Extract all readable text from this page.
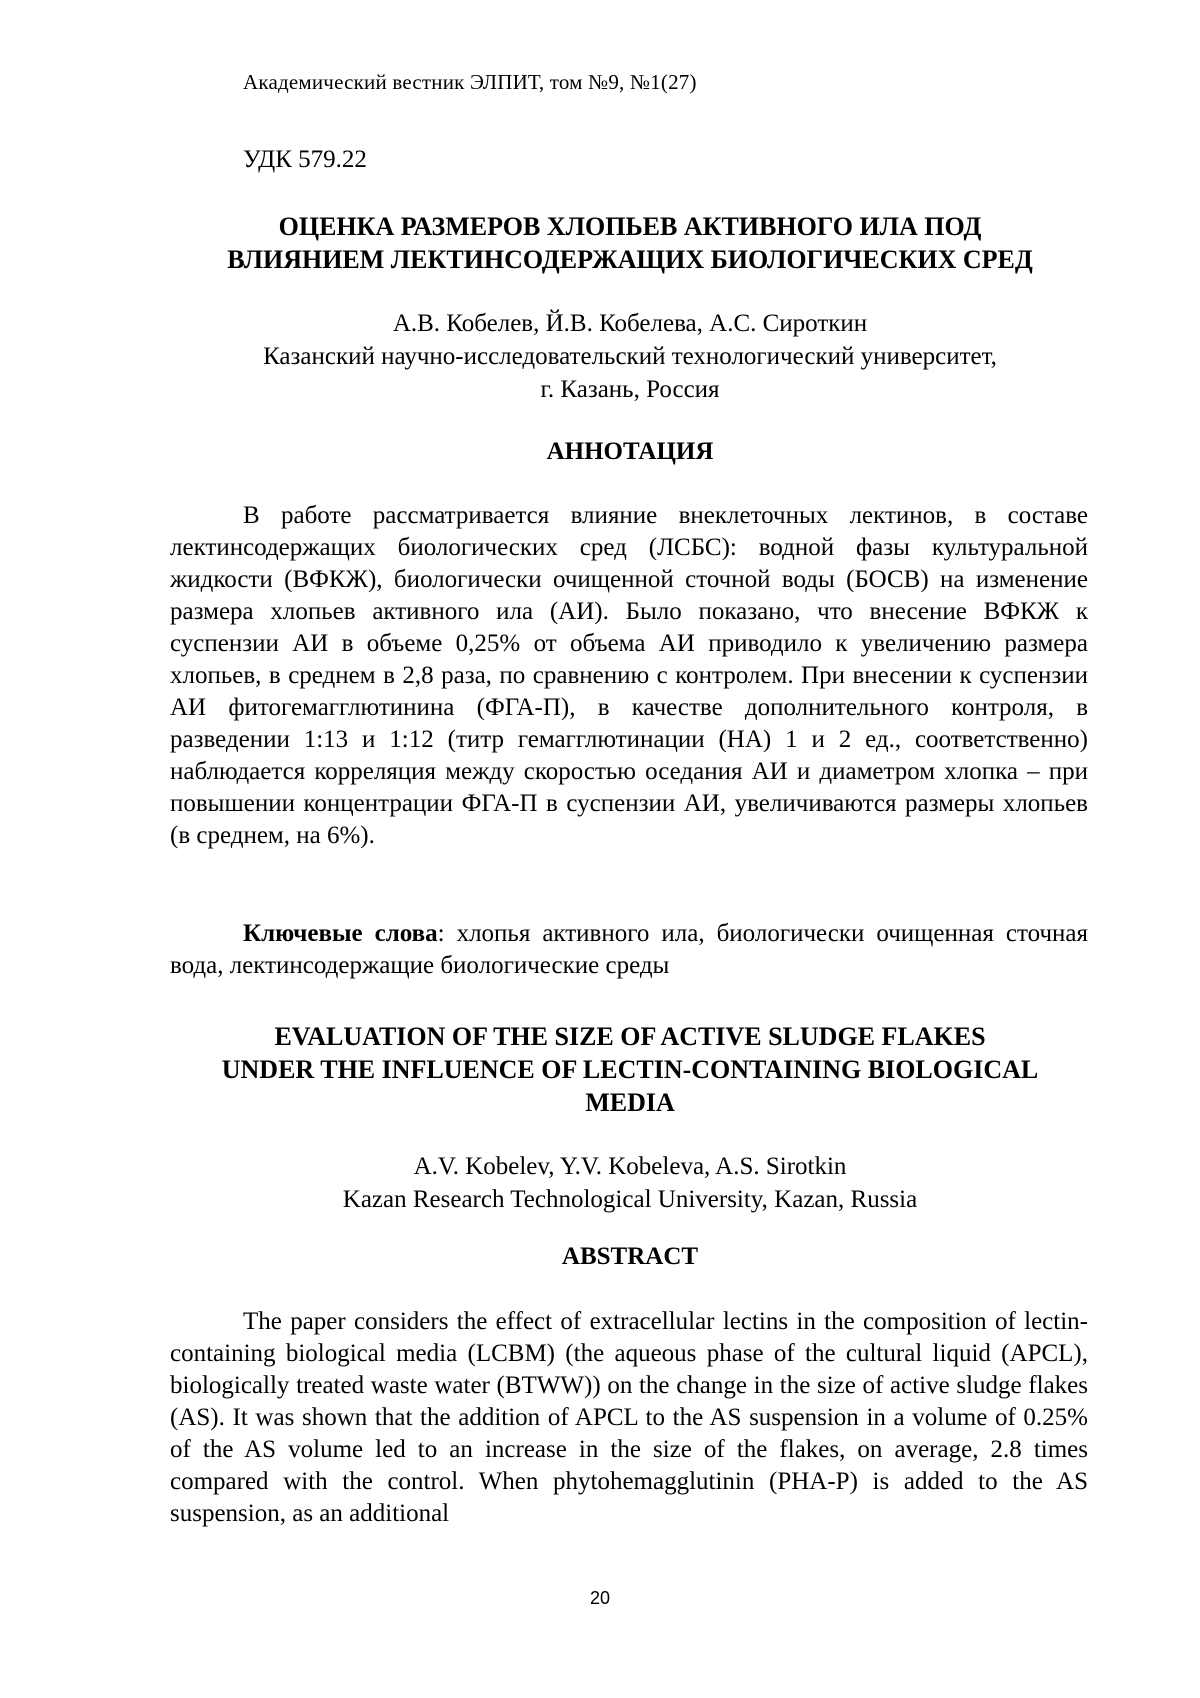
Академический вестник ЭЛПИТ, том №9, №1(27)
УДК 579.22
ОЦЕНКА РАЗМЕРОВ ХЛОПЬЕВ АКТИВНОГО ИЛА ПОД
ВЛИЯНИЕМ ЛЕКТИНСОДЕРЖАЩИХ БИОЛОГИЧЕСКИХ СРЕД
А.В. Кобелев, Й.В. Кобелева, А.С. Сироткин
Казанский научно-исследовательский технологический университет,
г. Казань, Россия
АННОТАЦИЯ

В работе рассматривается влияние внеклеточных лектинов, в составе лектинсодержащих биологических сред (ЛСБС): водной фазы культуральной жидкости (ВФКЖ), биологически очищенной сточной воды (БОСВ) на изменение размера хлопьев активного ила (АИ). Было показано, что внесение ВФКЖ к суспензии АИ в объеме 0,25% от объема АИ приводило к увеличению размера хлопьев, в среднем в 2,8 раза, по сравнению с контролем. При внесении к суспензии АИ фитогемагглютинина (ФГА-П), в качестве дополнительного контроля, в разведении 1:13 и 1:12 (титр гемагглютинации (НА) 1 и 2 ед., соответственно) наблюдается корреляция между скоростью оседания АИ и диаметром хлопка – при повышении концентрации ФГА-П в суспензии АИ, увеличиваются размеры хлопьев (в среднем, на 6%).

Ключевые слова: хлопья активного ила, биологически очищенная сточная вода, лектинсодержащие биологические среды

EVALUATION OF THE SIZE OF ACTIVE SLUDGE FLAKES
UNDER THE INFLUENCE OF LECTIN-CONTAINING BIOLOGICAL
MEDIA
A.V. Kobelev, Y.V. Kobeleva, A.S. Sirotkin
Kazan Research Technological University, Kazan, Russia
ABSTRACT

The paper considers the effect of extracellular lectins in the composition of lectin-containing biological media (LCBM) (the aqueous phase of the cultural liquid (APCL), biologically treated waste water (BTWW)) on the change in the size of active sludge flakes (AS). It was shown that the addition of APCL to the AS suspension in a volume of 0.25% of the AS volume led to an increase in the size of the flakes, on average, 2.8 times compared with the control. When phytohemagglutinin (PHA-P) is added to the AS suspension, as an additional

20
